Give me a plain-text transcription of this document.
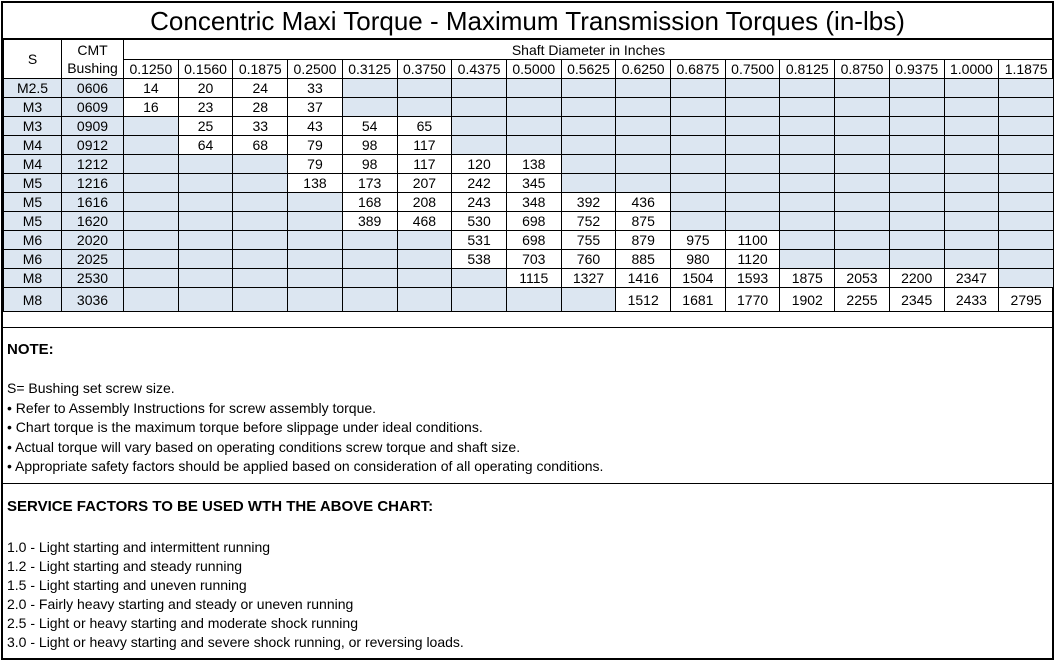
Concentric Maxi Torque - Maximum Transmission Torques (in-lbs)
S	CMT
Bushing	Shaft Diameter in Inches																
		0.1250	0.1560	0.1875	0.2500	0.3125	0.3750	0.4375	0.5000	0.5625	0.6250	0.6875	0.7500	0.8125	0.8750	0.9375	1.0000	1.1875
M2.5	0606	14	20	24	33													
M3	0609	16	23	28	37													
M3	0909		25	33	43	54	65											
M4	0912		64	68	79	98	117											
M4	1212				79	98	117	120	138									
M5	1216				138	173	207	242	345									
M5	1616					168	208	243	348	392	436							
M5	1620					389	468	530	698	752	875							
M6	2020							531	698	755	879	975	1100					
M6	2025							538	703	760	885	980	1120					
M8	2530								1115	1327	1416	1504	1593	1875	2053	2200	2347	
M8	3036										1512	1681	1770	1902	2255	2345	2433	2795
NOTE:
S= Bushing set screw size.
• Refer to Assembly Instructions for screw assembly torque.
• Chart torque is the maximum torque before slippage under ideal conditions.
• Actual torque will vary based on operating conditions screw torque and shaft size.
• Appropriate safety factors should be applied based on consideration of all operating conditions.
SERVICE FACTORS TO BE USED WTH THE ABOVE CHART:
1.0 - Light starting and intermittent running
1.2 - Light starting and steady running
1.5 - Light starting and uneven running
2.0 - Fairly heavy starting and steady or uneven running
2.5 - Light or heavy starting and moderate shock running
3.0 - Light or heavy starting and severe shock running, or reversing loads.
